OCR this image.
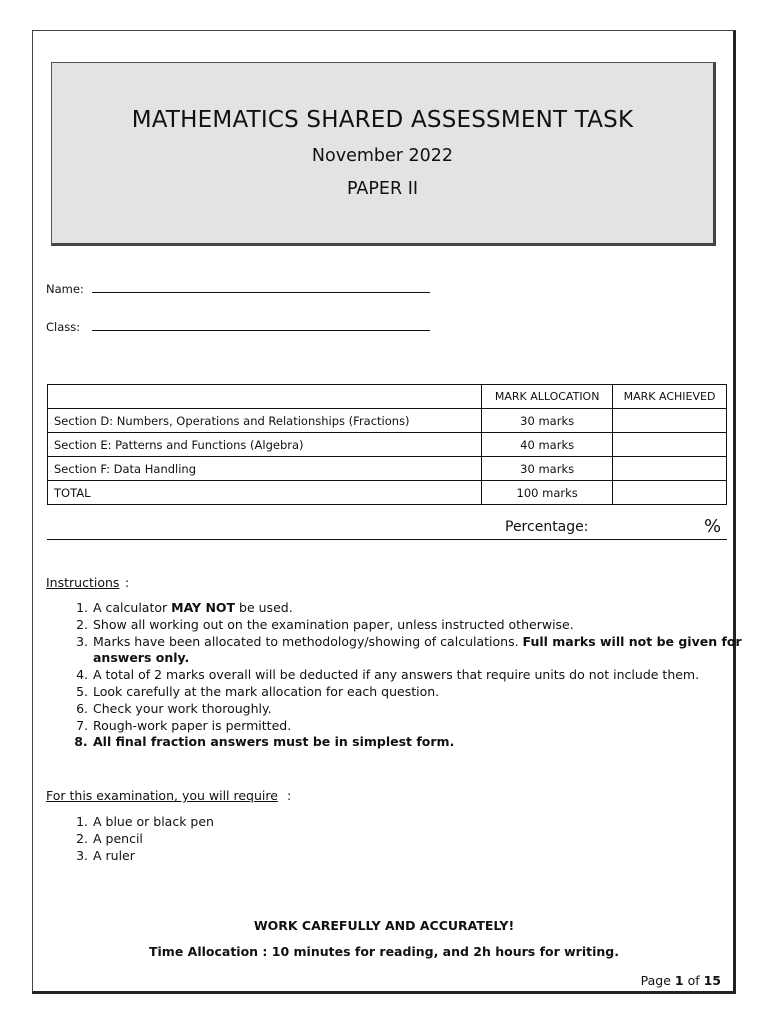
MATHEMATICS SHARED ASSESSMENT TASK
November 2022
PAPER II
Name:
Class:
	MARK ALLOCATION	MARK ACHIEVED
Section D: Numbers, Operations and Relationships (Fractions)	30 marks	
Section E: Patterns and Functions (Algebra)	40 marks	
Section F: Data Handling	30 marks	
TOTAL	100 marks	
Percentage:	%
Instructions :
1. A calculator MAY NOT be used.
2. Show all working out on the examination paper, unless instructed otherwise.
3. Marks have been allocated to methodology/showing of calculations. Full marks will not be given for answers only.
4. A total of 2 marks overall will be deducted if any answers that require units do not include them.
5. Look carefully at the mark allocation for each question.
6. Check your work thoroughly.
7. Rough-work paper is permitted.
8. All final fraction answers must be in simplest form.
For this examination, you will require :
1. A blue or black pen
2. A pencil
3. A ruler
WORK CAREFULLY AND ACCURATELY!
Time Allocation : 10 minutes for reading, and 2h hours for writing.
Page 1 of 15
